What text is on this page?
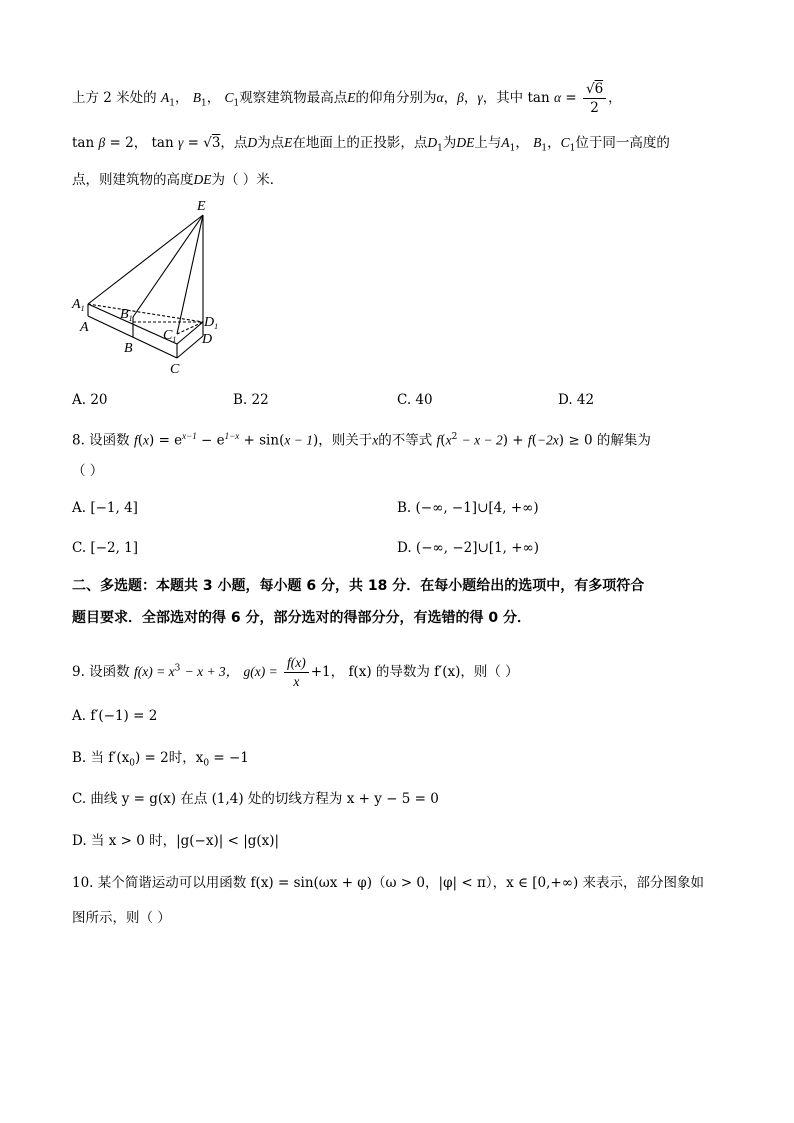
上方 2 米处的 $A_1$， $B_1$， $C_1$观察建筑物最高点E的仰角分别为α，β，γ，其中 $\tan \alpha = \frac{√6}{2}$ ，
tan β = 2， tan γ = √3，点D为点E在地面上的正投影，点$D_1$为DE上与$A_1$， $B_1$，$C_1$位于同一高度的
点，则建筑物的高度DE为（ ）米．
E
$A_1$
A
$B_1$
B
$C_1$
C
$D_1$
D
A. 20	B. 22	C. 40	D. 42
8. 设函数 $f(x) = e^{x-1} - e^{1-x} + \sin(x - 1)$，则关于x的不等式 $f(x^2 - x - 2) + f(-2x) \ge 0$ 的解集为
（ ）
A. [−1, 4]	B. (−∞, −1]∪[4, +∞)
C. [−2, 1]	D. (−∞, −2]∪[1, +∞)
二、多选题：本题共 3 小题，每小题 6 分，共 18 分．在每小题给出的选项中，有多项符合
题目要求．全部选对的得 6 分，部分选对的得部分分，有选错的得 0 分．
9. 设函数 $f(x) = x^3 - x + 3$， $g(x) = \frac{f(x)}{x} +1$， f(x) 的导数为 f′(x)，则（ ）
A. f′(−1) = 2
B. 当 $f'(x_0) = 2$时，$x_0 = -1$
C. 曲线 y = g(x) 在点 (1,4) 处的切线方程为 x + y − 5 = 0
D. 当 x > 0 时，|g(−x)| < |g(x)|
10. 某个简谐运动可以用函数 f(x) = sin(ωx + φ)（ω > 0，|φ| < π），x ∈ [0,+∞) 来表示，部分图象如
图所示，则（ ）
